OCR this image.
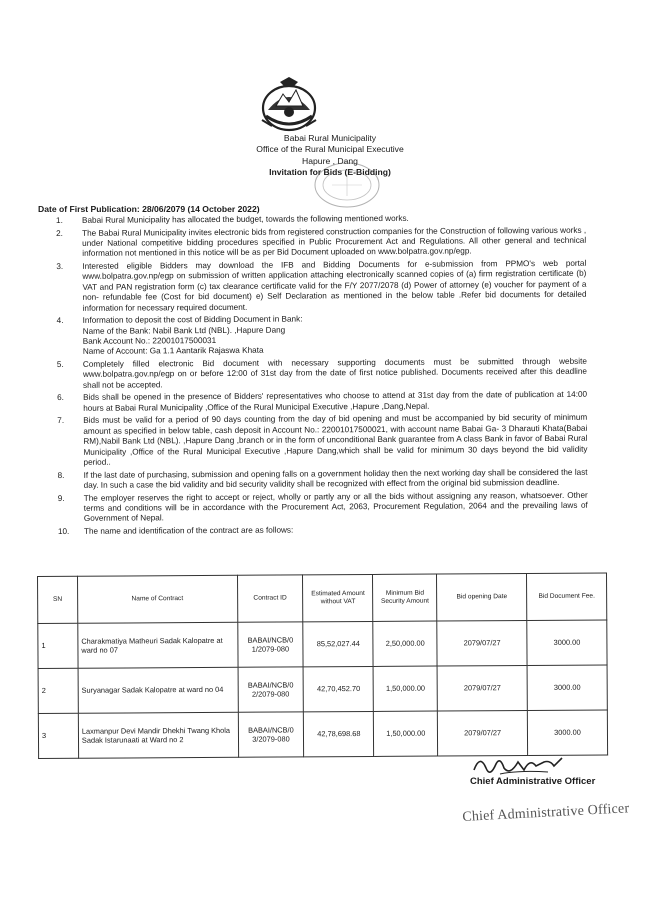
Babai Rural Municipality
Office of the Rural Municipal Executive
Hapure , Dang
Invitation for Bids (E-Bidding)
Date of First Publication: 28/06/2079 (14 October 2022)
1. Babai Rural Municipality has allocated the budget, towards the following mentioned works.
2. The Babai Rural Municipality invites electronic bids from registered construction companies for the Construction of following various works , under National competitive bidding procedures specified in Public Procurement Act and Regulations. All other general and technical information not mentioned in this notice will be as per Bid Document uploaded on www.bolpatra.gov.np/egp.
3. Interested eligible Bidders may download the IFB and Bidding Documents for e-submission from PPMO's web portal www.bolpatra.gov.np/egp on submission of written application attaching electronically scanned copies of (a) firm registration certificate (b) VAT and PAN registration form (c) tax clearance certificate valid for the F/Y 2077/2078 (d) Power of attorney (e) voucher for payment of a non- refundable fee (Cost for bid document) e) Self Declaration as mentioned in the below table .Refer bid documents for detailed information for necessary required document.
4. Information to deposit the cost of Bidding Document in Bank:
Name of the Bank: Nabil Bank Ltd (NBL). ,Hapure Dang
Bank Account No.: 22001017500031
Name of Account: Ga 1.1 Aantarik Rajaswa Khata
5. Completely filled electronic Bid document with necessary supporting documents must be submitted through website www.bolpatra.gov.np/egp on or before 12:00 of 31st day from the date of first notice published. Documents received after this deadline shall not be accepted.
6. Bids shall be opened in the presence of Bidders' representatives who choose to attend at 31st day from the date of publication at 14:00 hours at Babai Rural Municipality ,Office of the Rural Municipal Executive ,Hapure ,Dang,Nepal.
7. Bids must be valid for a period of 90 days counting from the day of bid opening and must be accompanied by bid security of minimum amount as specified in below table, cash deposit in Account No.: 22001017500021, with account name Babai Ga- 3 Dharauti Khata(Babai RM),Nabil Bank Ltd (NBL). ,Hapure Dang ,branch or in the form of unconditional Bank guarantee from A class Bank in favor of Babai Rural Municipality ,Office of the Rural Municipal Executive ,Hapure Dang,which shall be valid for minimum 30 days beyond the bid validity period..
8. If the last date of purchasing, submission and opening falls on a government holiday then the next working day shall be considered the last day. In such a case the bid validity and bid security validity shall be recognized with effect from the original bid submission deadline.
9. The employer reserves the right to accept or reject, wholly or partly any or all the bids without assigning any reason, whatsoever. Other terms and conditions will be in accordance with the Procurement Act, 2063, Procurement Regulation, 2064 and the prevailing laws of Government of Nepal.
10. The name and identification of the contract are as follows:
SN	Name of Contract	Contract ID	Estimated Amount without VAT	Minimum Bid Security Amount	Bid opening Date	Bid Document Fee.
1	Charakmatiya Matheuri Sadak Kalopatre at ward no 07	BABAI/NCB/0 1/2079-080	85,52,027.44	2,50,000.00	2079/07/27	3000.00
2	Suryanagar Sadak Kalopatre at ward no 04	BABAI/NCB/0 2/2079-080	42,70,452.70	1,50,000.00	2079/07/27	3000.00
3	Laxmanpur Devi Mandir Dhekhi Twang Khola Sadak Istarunaati at Ward no 2	BABAI/NCB/0 3/2079-080	42,78,698.68	1,50,000.00	2079/07/27	3000.00
Chief Administrative Officer
Chief Administrative Officer
